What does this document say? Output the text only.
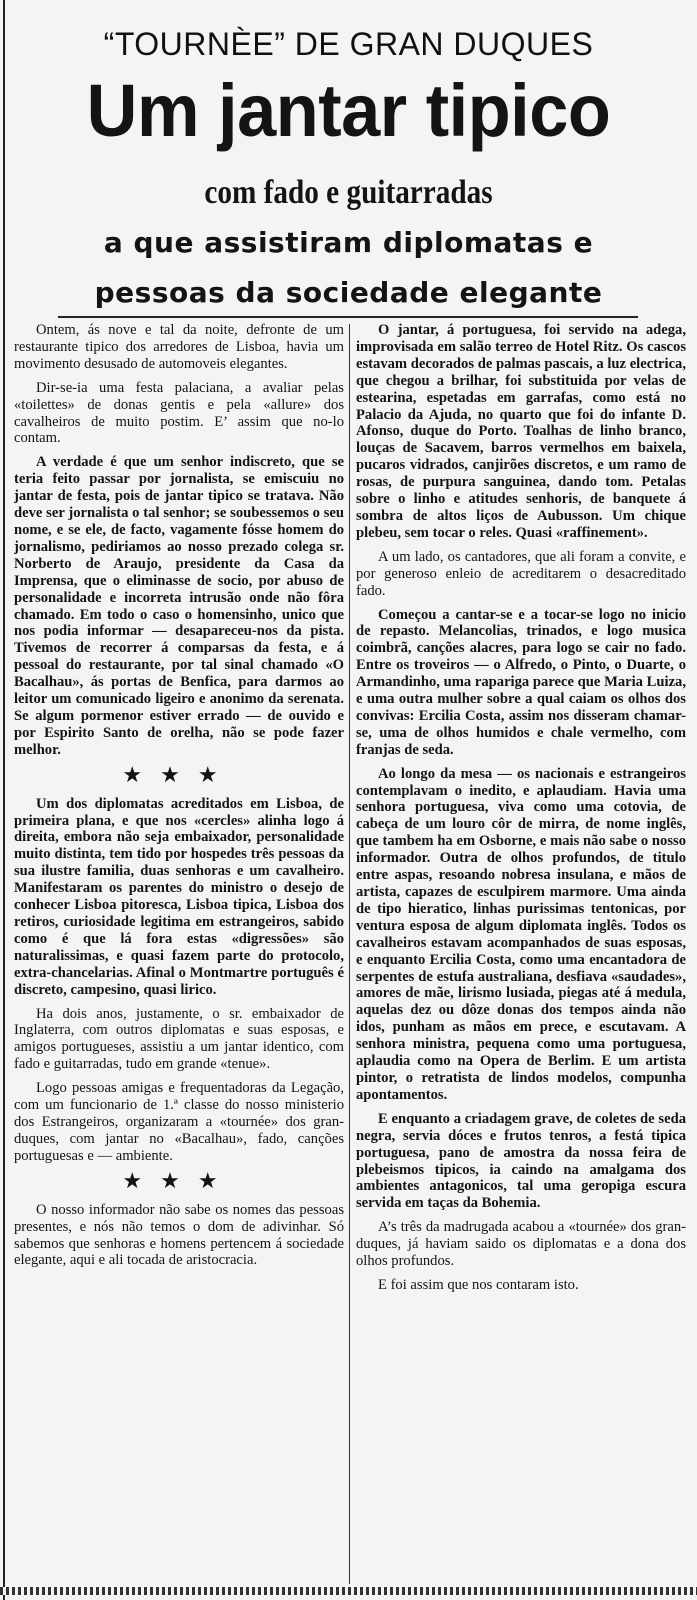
“TOURNÈE” DE GRAN DUQUES
Um jantar tipico
com fado e guitarradas
a que assistiram diplomatas e
pessoas da sociedade elegante

Ontem, ás nove e tal da noite, defronte de um restaurante tipico dos arredores de Lisboa, havia um movimento desusado de automoveis elegantes.

Dir-se-ia uma festa palaciana, a avaliar pelas «toilettes» de donas gentis e pela «allure» dos cavalheiros de muito postim. E’ assim que no-lo contam.

A verdade é que um senhor indiscreto, que se teria feito passar por jornalista, se emiscuiu no jantar de festa, pois de jantar tipico se tratava. Não deve ser jornalista o tal senhor; se soubessemos o seu nome, e se ele, de facto, vagamente fósse homem do jornalismo, pediriamos ao nosso prezado colega sr. Norberto de Araujo, presidente da Casa da Imprensa, que o eliminasse de socio, por abuso de personalidade e incorreta intrusão onde não fôra chamado. Em todo o caso o homensinho, unico que nos podia informar — desapareceu-nos da pista. Tivemos de recorrer á comparsas da festa, e á pessoal do restaurante, por tal sinal chamado «O Bacalhau», ás portas de Benfica, para darmos ao leitor um comunicado ligeiro e anonimo da serenata. Se algum pormenor estiver errado — de ouvido e por Espirito Santo de orelha, não se pode fazer melhor.

★★★

Um dos diplomatas acreditados em Lisboa, de primeira plana, e que nos «cercles» alinha logo á direita, embora não seja embaixador, personalidade muito distinta, tem tido por hospedes três pessoas da sua ilustre familia, duas senhoras e um cavalheiro. Manifestaram os parentes do ministro o desejo de conhecer Lisboa pitoresca, Lisboa tipica, Lisboa dos retiros, curiosidade legitima em estrangeiros, sabido como é que lá fora estas «digressões» são naturalissimas, e quasi fazem parte do protocolo, extra-chancelarias. Afinal o Montmartre português é discreto, campesino, quasi lirico.

Ha dois anos, justamente, o sr. embaixador de Inglaterra, com outros diplomatas e suas esposas, e amigos portugueses, assistiu a um jantar identico, com fado e guitarradas, tudo em grande «tenue».

Logo pessoas amigas e frequentadoras da Legação, com um funcionario de 1.ª classe do nosso ministerio dos Estrangeiros, organizaram a «tournée» dos gran-duques, com jantar no «Bacalhau», fado, canções portuguesas e — ambiente.

★★★

O nosso informador não sabe os nomes das pessoas presentes, e nós não temos o dom de adivinhar. Só sabemos que senhoras e homens pertencem á sociedade elegante, aqui e ali tocada de aristocracia.

O jantar, á portuguesa, foi servido na adega, improvisada em salão terreo de Hotel Ritz. Os cascos estavam decorados de palmas pascais, a luz electrica, que chegou a brilhar, foi substituida por velas de estearina, espetadas em garrafas, como está no Palacio da Ajuda, no quarto que foi do infante D. Afonso, duque do Porto. Toalhas de linho branco, louças de Sacavem, barros vermelhos em baixela, pucaros vidrados, canjirões discretos, e um ramo de rosas, de purpura sanguinea, dando tom. Petalas sobre o linho e atitudes senhoris, de banquete á sombra de altos liços de Aubusson. Um chique plebeu, sem tocar o reles. Quasi «raffinement».

A um lado, os cantadores, que ali foram a convite, e por generoso enleio de acreditarem o desacreditado fado.

Começou a cantar-se e a tocar-se logo no inicio de repasto. Melancolias, trinados, e logo musica coimbrã, canções alacres, para logo se cair no fado. Entre os troveiros — o Alfredo, o Pinto, o Duarte, o Armandinho, uma rapariga parece que Maria Luiza, e uma outra mulher sobre a qual caiam os olhos dos convivas: Ercilia Costa, assim nos disseram chamar-se, uma de olhos humidos e chale vermelho, com franjas de seda.

Ao longo da mesa — os nacionais e estrangeiros contemplavam o inedito, e aplaudiam. Havia uma senhora portuguesa, viva como uma cotovia, de cabeça de um louro côr de mirra, de nome inglês, que tambem ha em Osborne, e mais não sabe o nosso informador. Outra de olhos profundos, de titulo entre aspas, resoando nobresa insulana, e mãos de artista, capazes de esculpirem marmore. Uma ainda de tipo hieratico, linhas purissimas tentonicas, por ventura esposa de algum diplomata inglês. Todos os cavalheiros estavam acompanhados de suas esposas, e enquanto Ercilia Costa, como uma encantadora de serpentes de estufa australiana, desfiava «saudades», amores de mãe, lirismo lusiada, piegas até á medula, aquelas dez ou dôze donas dos tempos ainda não idos, punham as mãos em prece, e escutavam. A senhora ministra, pequena como uma portuguesa, aplaudia como na Opera de Berlim. E um artista pintor, o retratista de lindos modelos, compunha apontamentos.

E enquanto a criadagem grave, de coletes de seda negra, servia dóces e frutos tenros, a festá tipica portuguesa, pano de amostra da nossa feira de plebeismos tipicos, ia caindo na amalgama dos ambientes antagonicos, tal uma geropiga escura servida em taças da Bohemia.

A’s três da madrugada acabou a «tournée» dos gran-duques, já haviam saido os diplomatas e a dona dos olhos profundos.

E foi assim que nos contaram isto.
